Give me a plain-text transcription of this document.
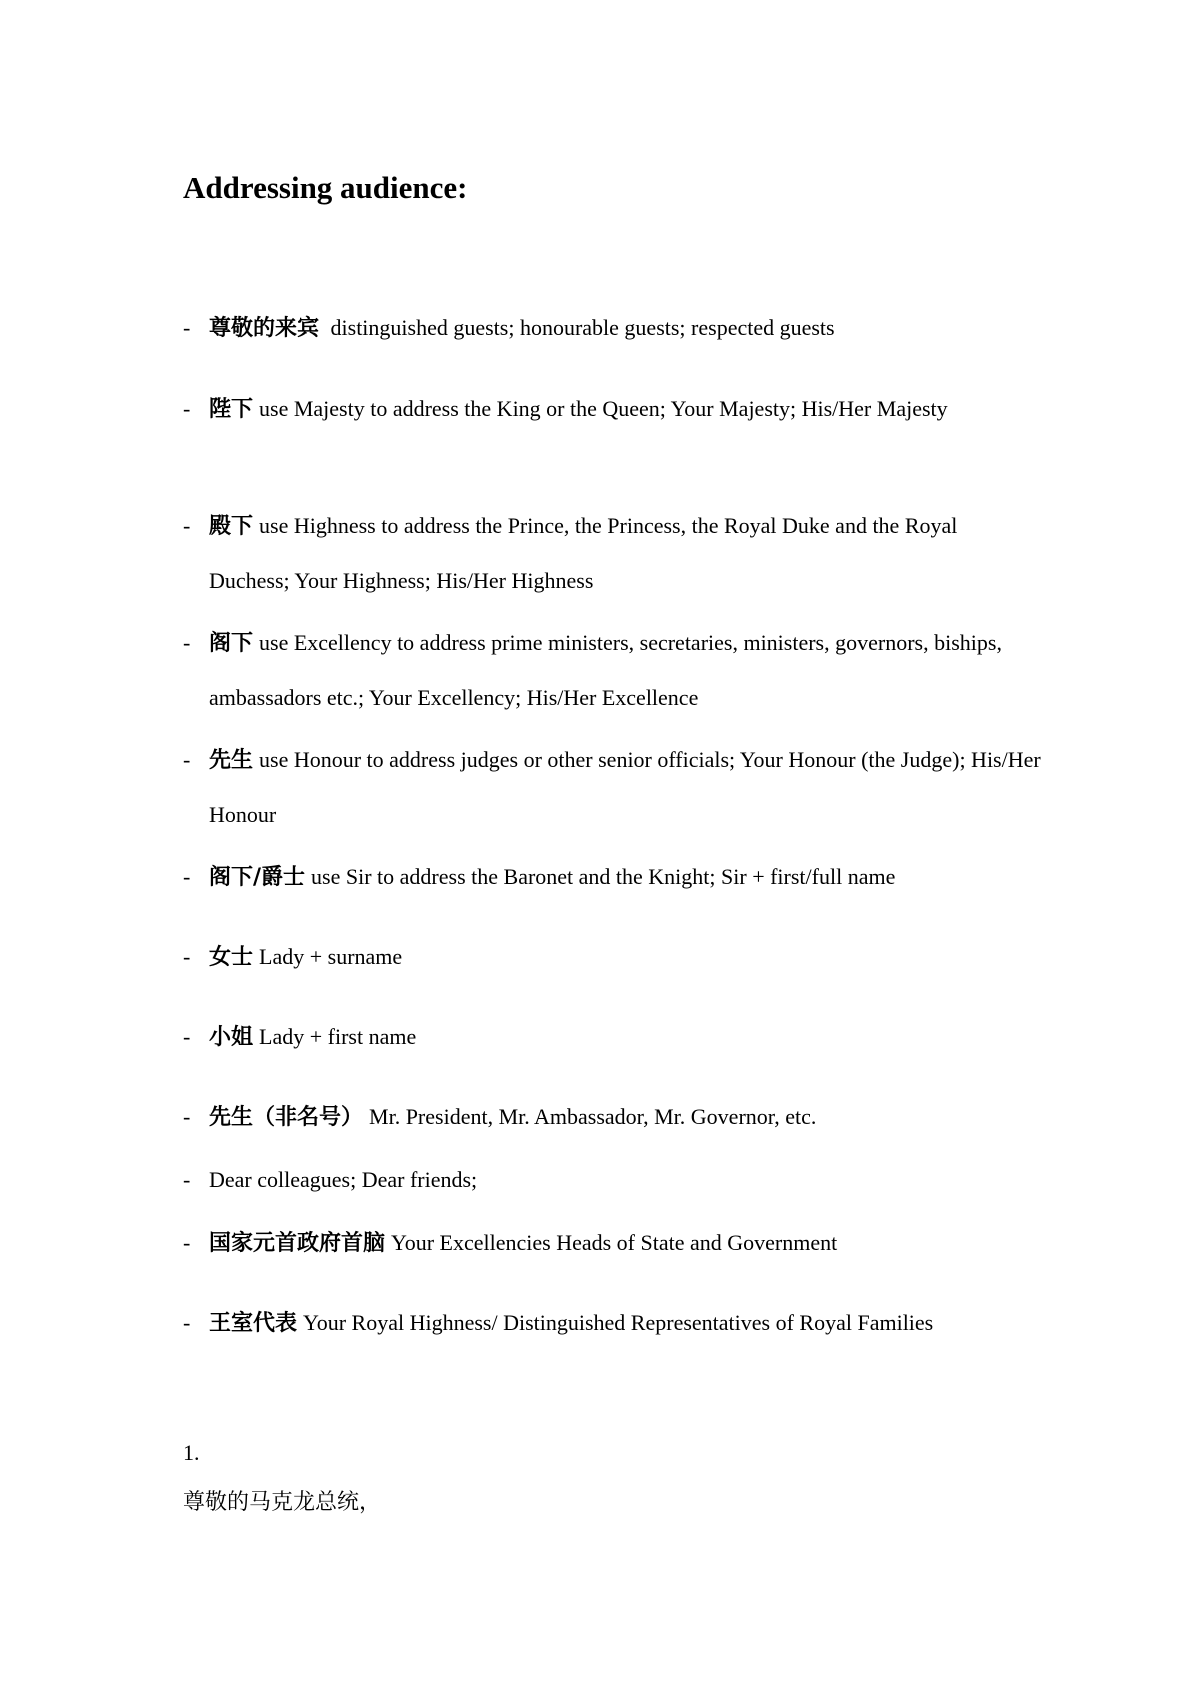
Addressing audience:
- 尊敬的来宾 distinguished guests; honourable guests; respected guests
- 陛下 use Majesty to address the King or the Queen; Your Majesty; His/Her Majesty
- 殿下 use Highness to address the Prince, the Princess, the Royal Duke and the Royal Duchess; Your Highness; His/Her Highness
- 阁下 use Excellency to address prime ministers, secretaries, ministers, governors, biships, ambassadors etc.; Your Excellency; His/Her Excellence
- 先生 use Honour to address judges or other senior officials; Your Honour (the Judge); His/Her Honour
- 阁下/爵士 use Sir to address the Baronet and the Knight; Sir + first/full name
- 女士 Lady + surname
- 小姐 Lady + first name
- 先生（非名号） Mr. President, Mr. Ambassador, Mr. Governor, etc.
- Dear colleagues; Dear friends;
- 国家元首政府首脑 Your Excellencies Heads of State and Government
- 王室代表 Your Royal Highness/ Distinguished Representatives of Royal Families
1.
尊敬的马克龙总统，
